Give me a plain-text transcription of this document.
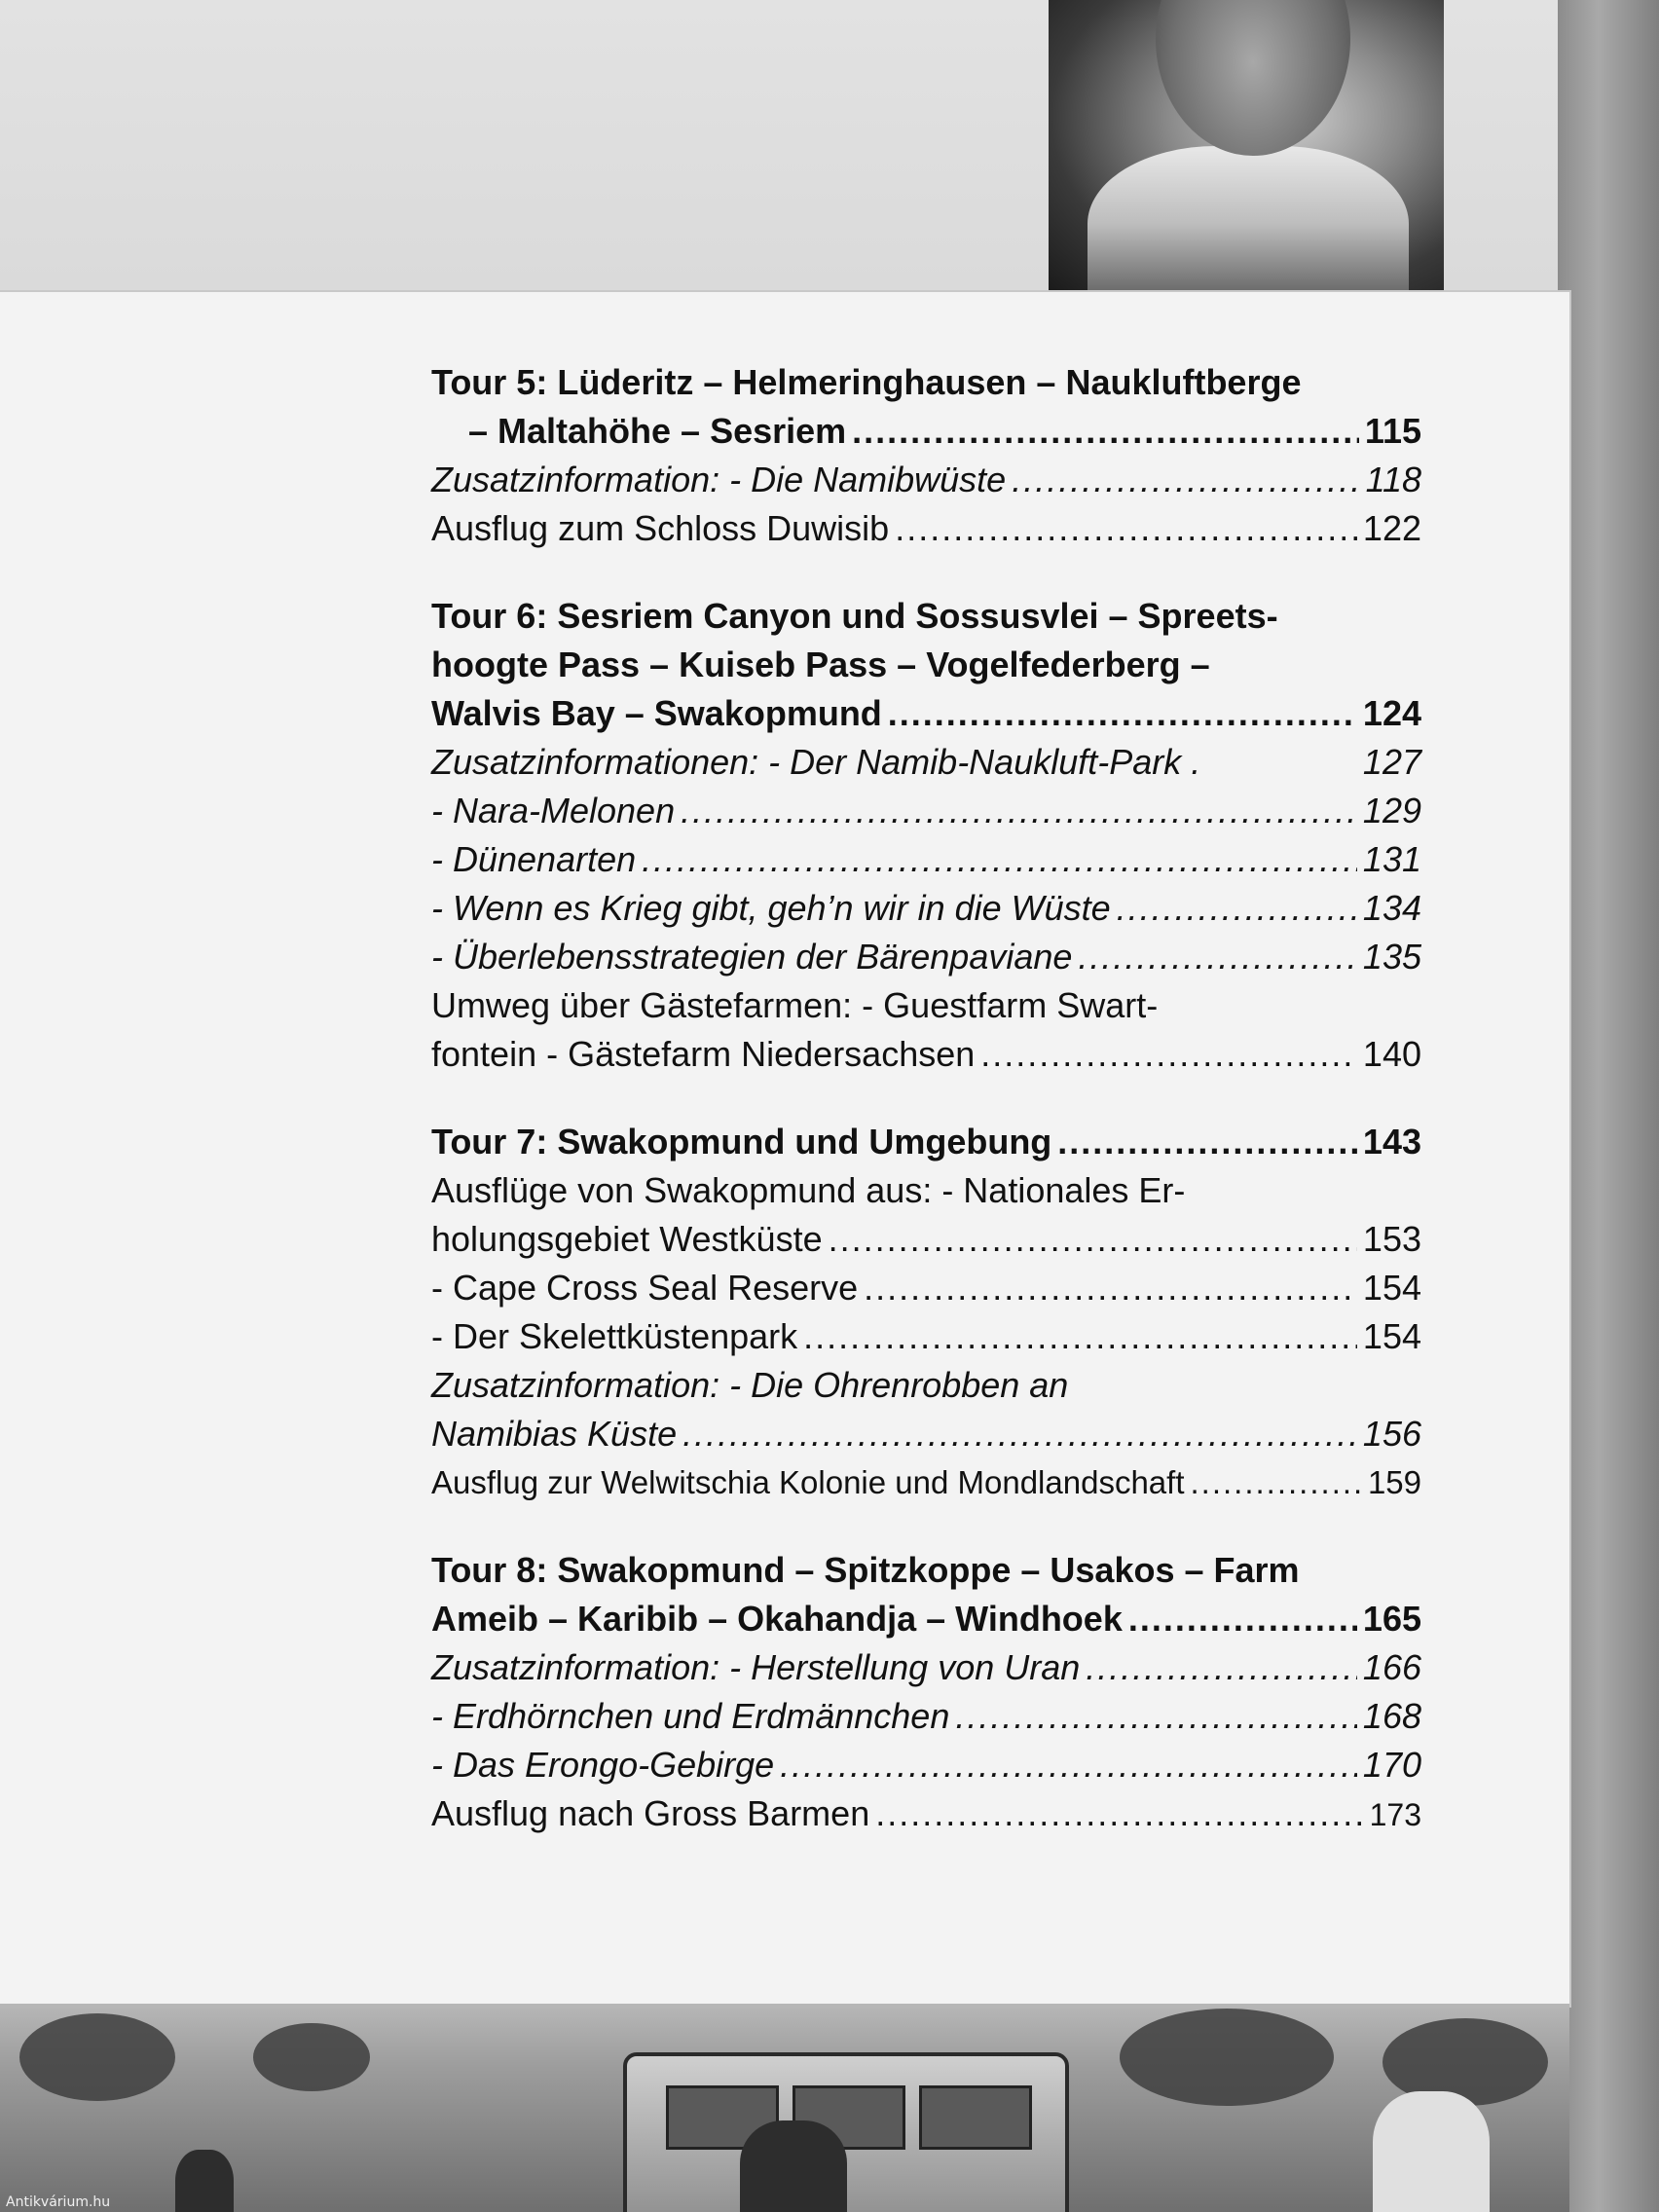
Tour 5: Lüderitz – Helmeringhausen – Naukluftberge
– Maltahöhe – Sesriem .....	115
Zusatzinformation: - Die Namibwüste .....	118
Ausflug zum Schloss Duwisib .....	122
Tour 6: Sesriem Canyon und Sossusvlei – Spreets-
hoogte Pass – Kuiseb Pass – Vogelfederberg –
Walvis Bay – Swakopmund .....	124
Zusatzinformationen: - Der Namib-Naukluft-Park .	127
- Nara-Melonen .....	129
- Dünenarten .....	131
- Wenn es Krieg gibt, geh’n wir in die Wüste .....	134
- Überlebensstrategien der Bärenpaviane .....	135
Umweg über Gästefarmen: - Guestfarm Swart-
fontein - Gästefarm Niedersachsen .....	140
Tour 7: Swakopmund und Umgebung .....	143
Ausflüge von Swakopmund aus: - Nationales Er-
holungsgebiet Westküste .....	153
- Cape Cross Seal Reserve .....	154
- Der Skelettküstenpark .....	154
Zusatzinformation: - Die Ohrenrobben an
Namibias Küste .....	156
Ausflug zur Welwitschia Kolonie und Mondlandschaft .....	159
Tour 8: Swakopmund – Spitzkoppe – Usakos – Farm
Ameib – Karibib – Okahandja – Windhoek .....	165
Zusatzinformation: - Herstellung von Uran .....	166
- Erdhörnchen und Erdmännchen .....	168
- Das Erongo-Gebirge .....	170
Ausflug nach Gross Barmen .....	173
Antikvárium.hu
